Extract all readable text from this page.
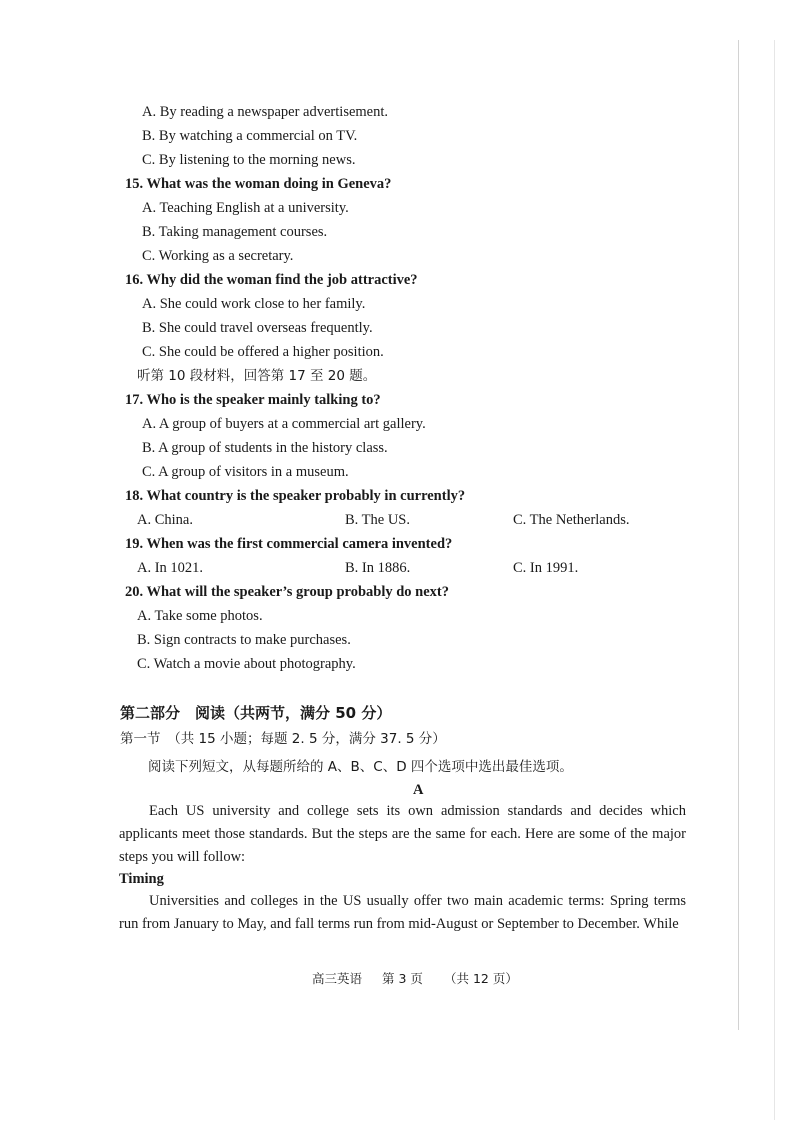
A. By reading a newspaper advertisement.
B. By watching a commercial on TV.
C. By listening to the morning news.
15. What was the woman doing in Geneva?
A. Teaching English at a university.
B. Taking management courses.
C. Working as a secretary.
16. Why did the woman find the job attractive?
A. She could work close to her family.
B. She could travel overseas frequently.
C. She could be offered a higher position.
听第 10 段材料，回答第 17 至 20 题。
17. Who is the speaker mainly talking to?
A. A group of buyers at a commercial art gallery.
B. A group of students in the history class.
C. A group of visitors in a museum.
18. What country is the speaker probably in currently?
A. China.	B. The US.	C. The Netherlands.
19. When was the first commercial camera invented?
A. In 1021.	B. In 1886.	C. In 1991.
20. What will the speaker’s group probably do next?
A. Take some photos.
B. Sign contracts to make purchases.
C. Watch a movie about photography.
第二部分　阅读（共两节，满分 50 分）
第一节　（共 15 小题；每题 2. 5 分，满分 37. 5 分）
阅读下列短文，从每题所给的 A、B、C、D 四个选项中选出最佳选项。
A
Each US university and college sets its own admission standards and decides which applicants meet those standards. But the steps are the same for each. Here are some of the major steps you will follow:
Timing
Universities and colleges in the US usually offer two main academic terms: Spring terms run from January to May, and fall terms run from mid-August or September to December. While
高三英语 第 3 页 （共 12 页）
